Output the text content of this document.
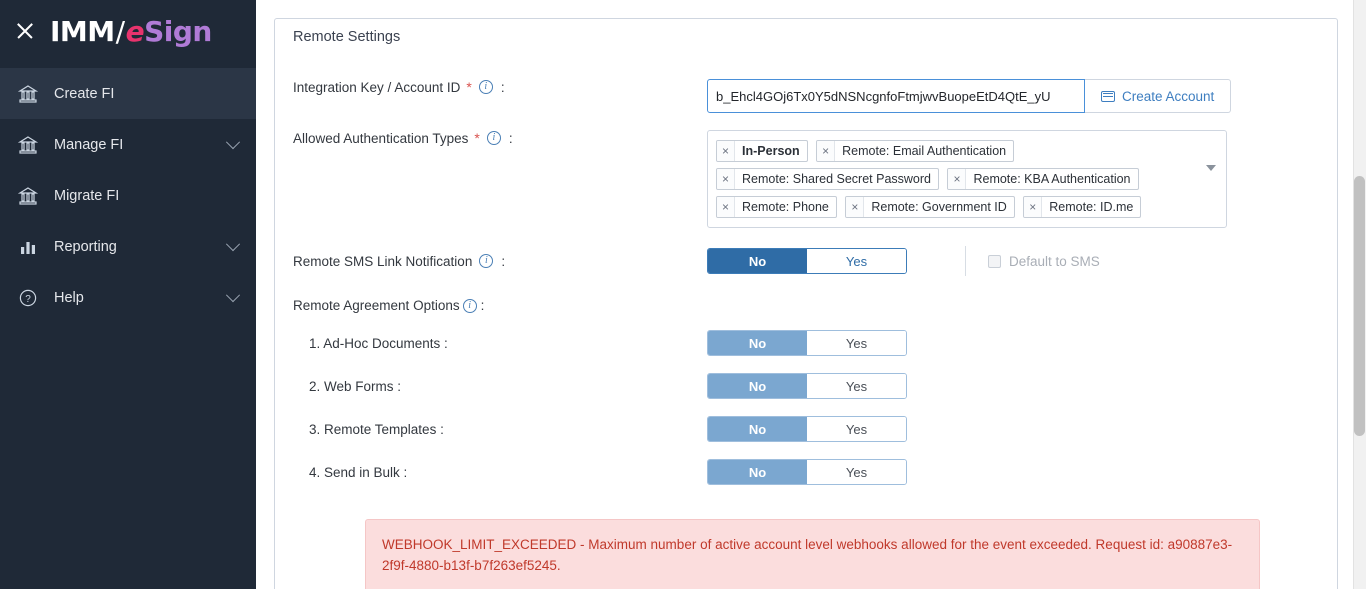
IMM / e Sign
Create FI
Manage FI
Migrate FI
Reporting
? Help
Remote Settings
Integration Key / Account ID *	i	:
b_Ehcl4GOj6Tx0Y5dNSNcgnfoFtmjwvBuopeEtD4QtE_yU
Create Account
Allowed Authentication Types *	i	:
×	In-Person
	×	Remote: Email Authentication

×	Remote: Shared Secret Password
	×	Remote: KBA Authentication

×	Remote: Phone
	×	Remote: Government ID
	×	Remote: ID.me
Remote SMS Link Notification	i	:	No	Yes	Default to SMS
Remote Agreement Options i :
1. Ad-Hoc Documents :	No	Yes
2. Web Forms :	No	Yes
3. Remote Templates :	No	Yes
4. Send in Bulk :	No	Yes
WEBHOOK_LIMIT_EXCEEDED - Maximum number of active account level webhooks allowed for the event exceeded. Request id: a90887e3-2f9f-4880-b13f-b7f263ef5245.
